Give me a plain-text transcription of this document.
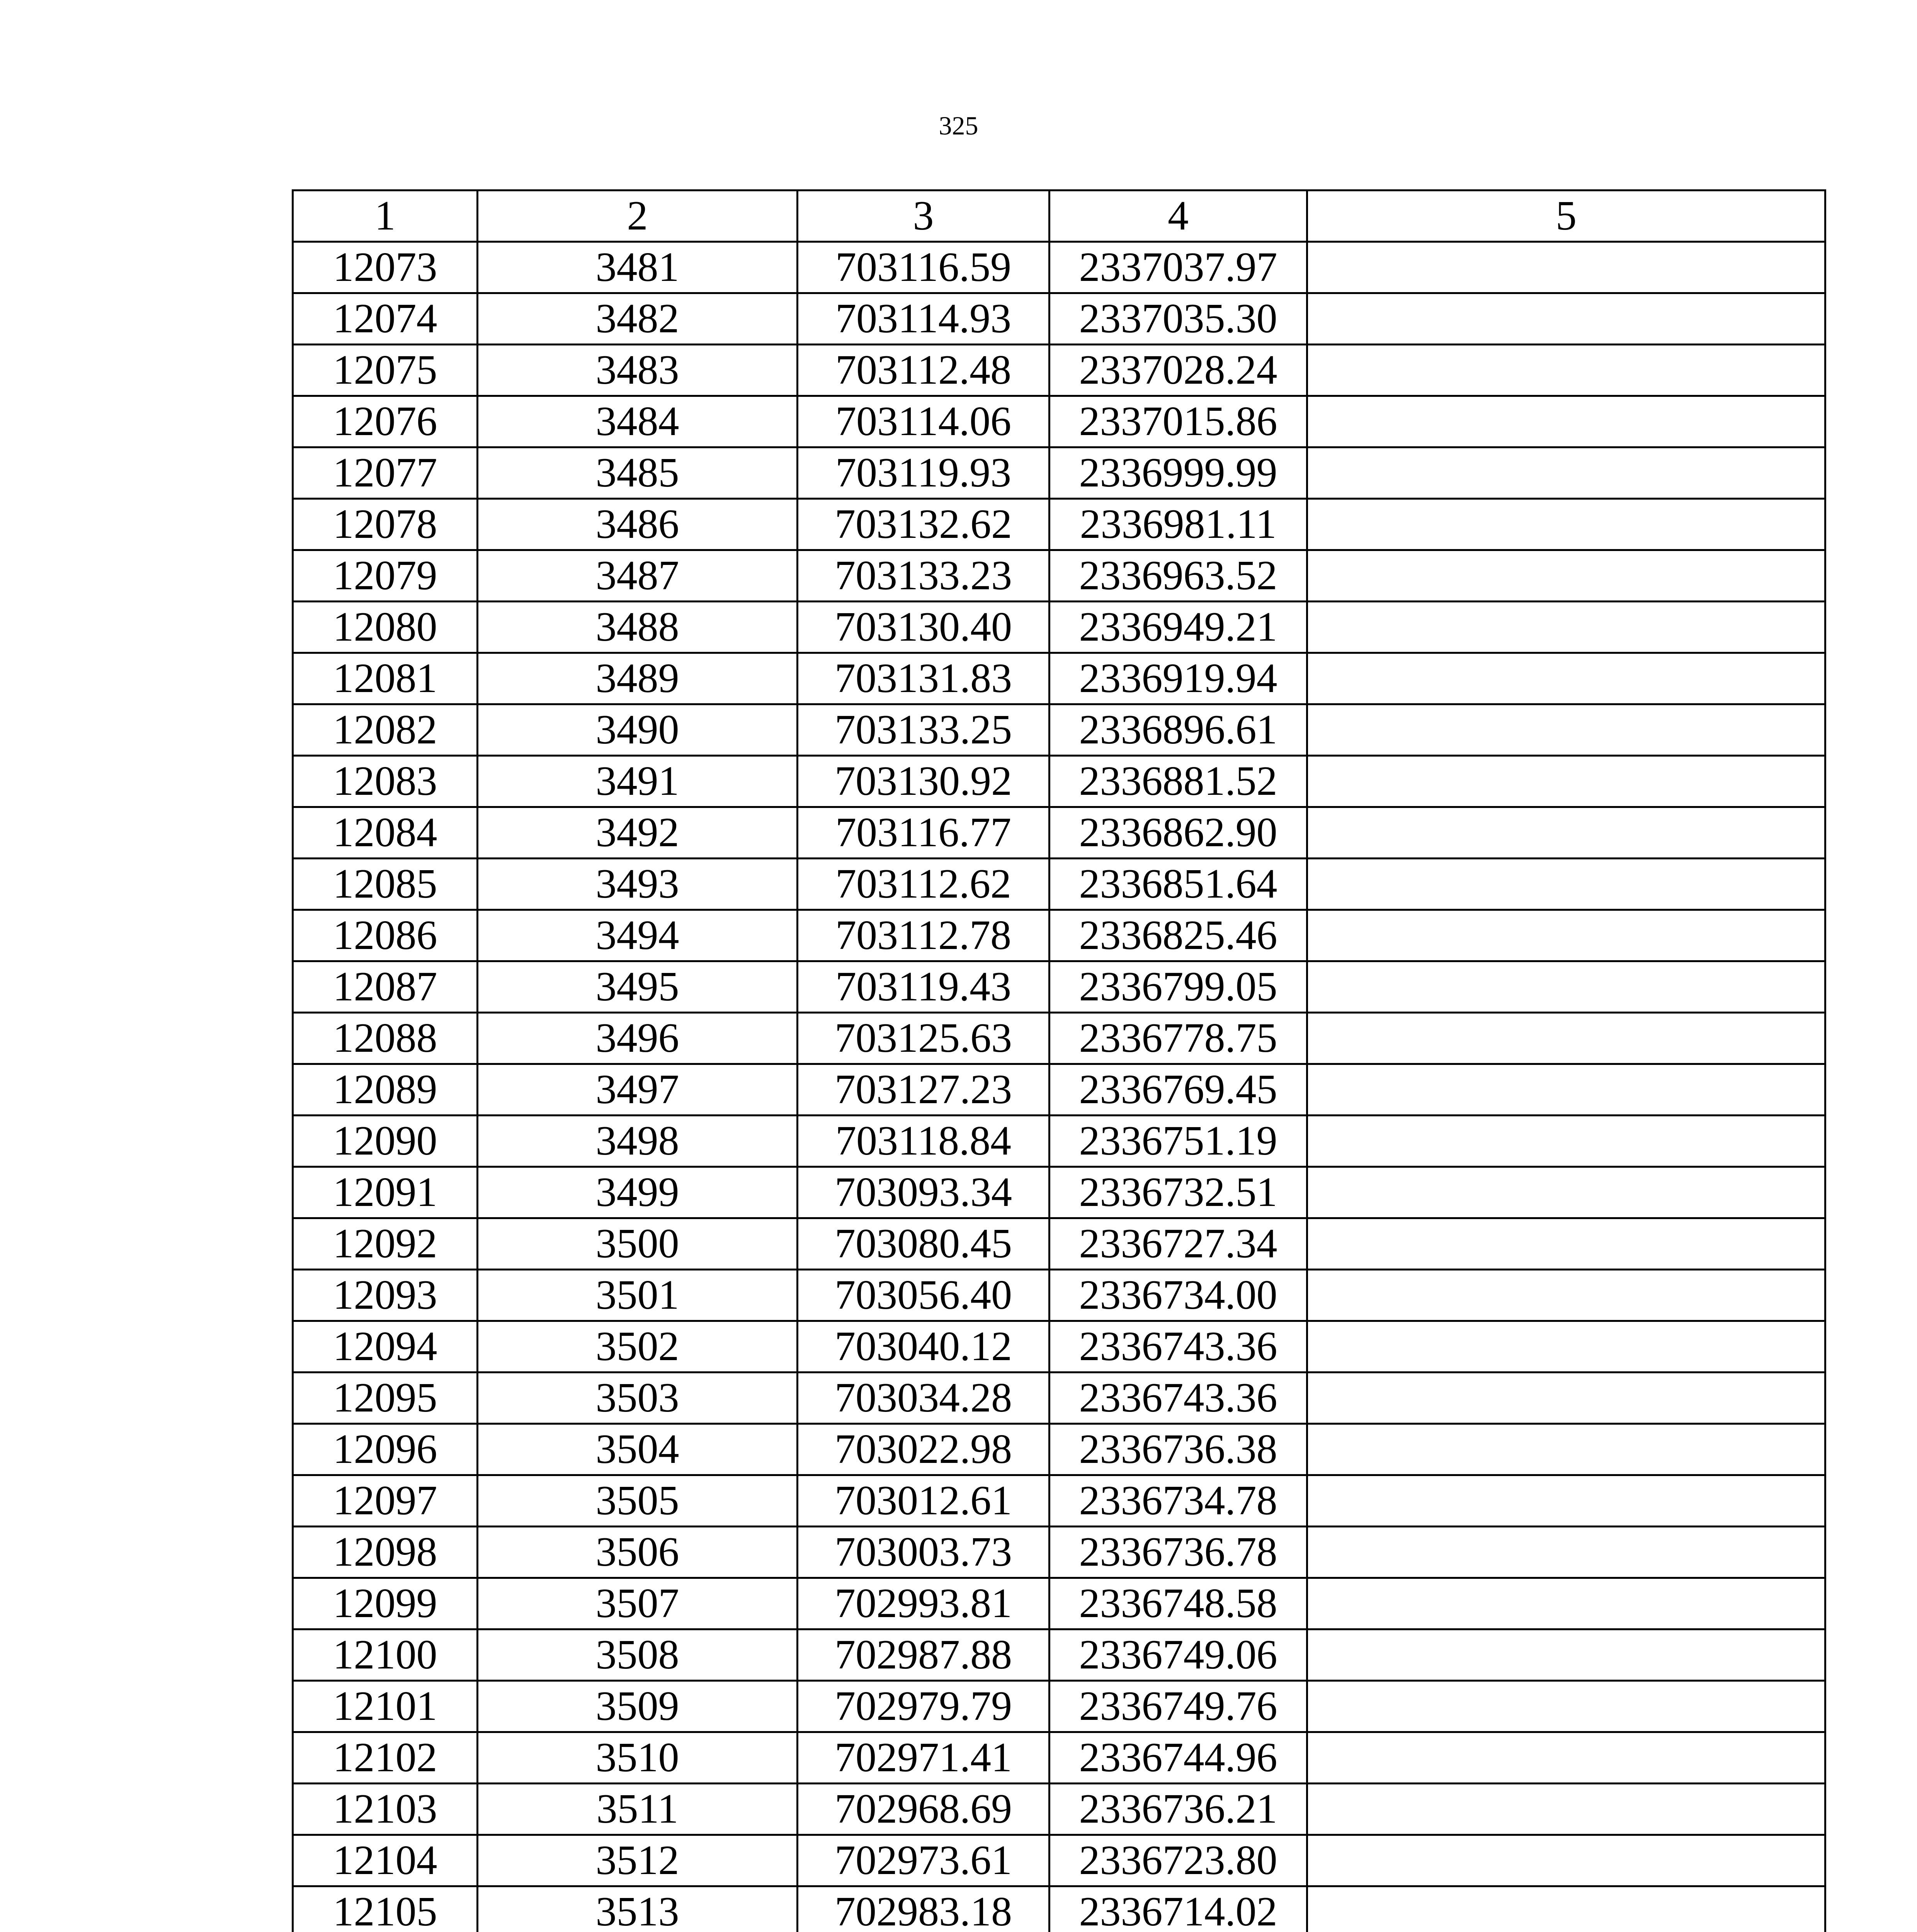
325
1	2	3	4	5
12073	3481	703116.59	2337037.97	
12074	3482	703114.93	2337035.30	
12075	3483	703112.48	2337028.24	
12076	3484	703114.06	2337015.86	
12077	3485	703119.93	2336999.99	
12078	3486	703132.62	2336981.11	
12079	3487	703133.23	2336963.52	
12080	3488	703130.40	2336949.21	
12081	3489	703131.83	2336919.94	
12082	3490	703133.25	2336896.61	
12083	3491	703130.92	2336881.52	
12084	3492	703116.77	2336862.90	
12085	3493	703112.62	2336851.64	
12086	3494	703112.78	2336825.46	
12087	3495	703119.43	2336799.05	
12088	3496	703125.63	2336778.75	
12089	3497	703127.23	2336769.45	
12090	3498	703118.84	2336751.19	
12091	3499	703093.34	2336732.51	
12092	3500	703080.45	2336727.34	
12093	3501	703056.40	2336734.00	
12094	3502	703040.12	2336743.36	
12095	3503	703034.28	2336743.36	
12096	3504	703022.98	2336736.38	
12097	3505	703012.61	2336734.78	
12098	3506	703003.73	2336736.78	
12099	3507	702993.81	2336748.58	
12100	3508	702987.88	2336749.06	
12101	3509	702979.79	2336749.76	
12102	3510	702971.41	2336744.96	
12103	3511	702968.69	2336736.21	
12104	3512	702973.61	2336723.80	
12105	3513	702983.18	2336714.02	
